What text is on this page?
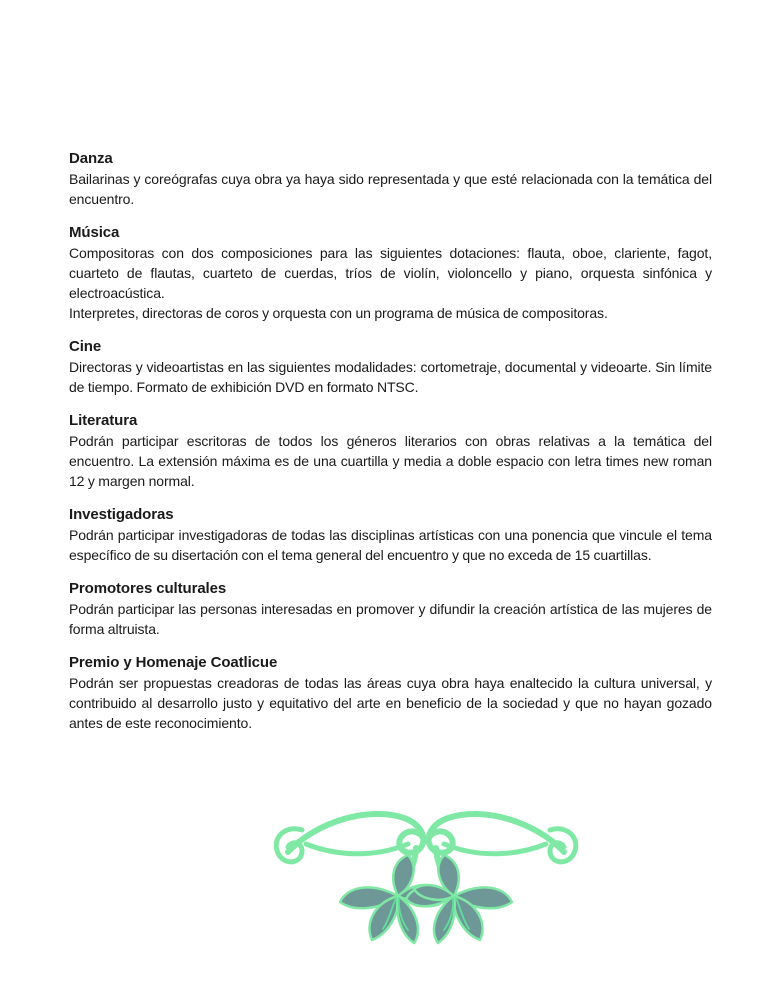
Danza

Bailarinas y coreógrafas cuya obra ya haya sido representada y que esté relacionada con la temática del encuentro.

Música

Compositoras con dos composiciones para las siguientes dotaciones: flauta, oboe, clariente, fagot, cuarteto de flautas, cuarteto de cuerdas, tríos de violín, violoncello y piano, orquesta sinfónica y electroacústica.

Interpretes, directoras de coros y orquesta con un programa de música de compositoras.

Cine

Directoras y videoartistas en las siguientes modalidades: cortometraje, documental y videoarte. Sin límite de tiempo. Formato de exhibición DVD en formato NTSC.

Literatura

Podrán participar escritoras de todos los géneros literarios con obras relativas a la temática del encuentro. La extensión máxima es de una cuartilla y media a doble espacio con letra times new roman 12 y margen normal.

Investigadoras

Podrán participar investigadoras de todas las disciplinas artísticas con una ponencia que vincule el tema específico de su disertación con el tema general del encuentro y que no exceda de 15 cuartillas.

Promotores culturales

Podrán participar las personas interesadas en promover y difundir la creación artística de las mujeres de forma altruista.

Premio y Homenaje Coatlicue

Podrán ser propuestas creadoras de todas las áreas cuya obra haya enaltecido la cultura universal, y contribuido al desarrollo justo y equitativo del arte en beneficio de la sociedad y que no hayan gozado antes de este reconocimiento.
